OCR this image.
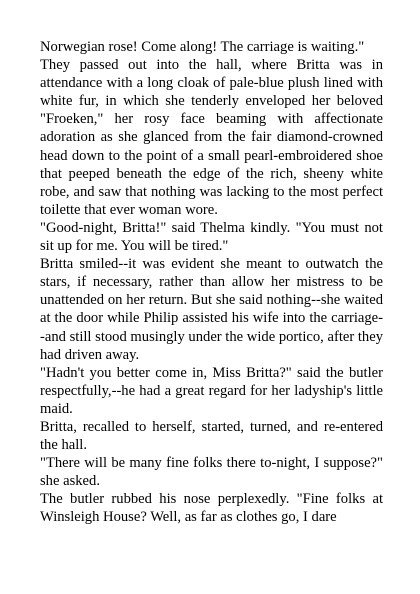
Norwegian rose! Come along! The carriage is waiting."

They passed out into the hall, where Britta was in attendance with a long cloak of pale-blue plush lined with white fur, in which she tenderly enveloped her beloved "Froeken," her rosy face beaming with affectionate adoration as she glanced from the fair diamond-crowned head down to the point of a small pearl-embroidered shoe that peeped beneath the edge of the rich, sheeny white robe, and saw that nothing was lacking to the most perfect toilette that ever woman wore.

"Good-night, Britta!" said Thelma kindly. "You must not sit up for me. You will be tired."

Britta smiled--it was evident she meant to outwatch the stars, if necessary, rather than allow her mistress to be unattended on her return. But she said nothing--she waited at the door while Philip assisted his wife into the carriage--and still stood musingly under the wide portico, after they had driven away.

"Hadn't you better come in, Miss Britta?" said the butler respectfully,--he had a great regard for her ladyship's little maid.

Britta, recalled to herself, started, turned, and re-entered the hall.

"There will be many fine folks there to-night, I suppose?" she asked.

The butler rubbed his nose perplexedly. "Fine folks at Winsleigh House? Well, as far as clothes go, I dare
